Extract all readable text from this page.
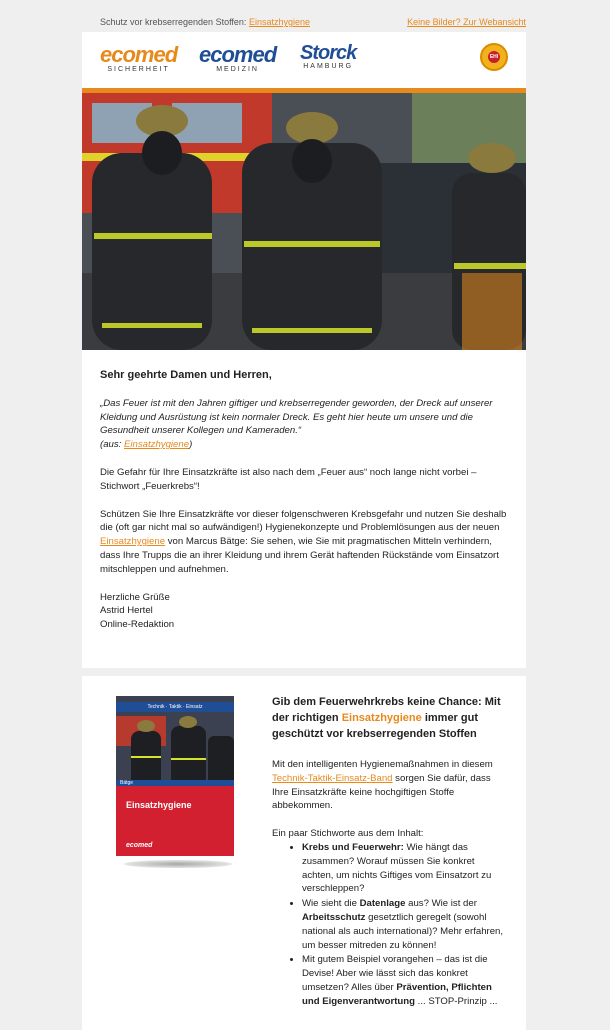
Schutz vor krebserregenden Stoffen: Einsatzhygiene	Keine Bilder? Zur Webansicht
ecomed
SICHERHEIT
ecomed
MEDIZIN
Storck
HAMBURG
EHI
Sehr geehrte Damen und Herren,
„Das Feuer ist mit den Jahren giftiger und krebserregender geworden, der Dreck auf unserer Kleidung und Ausrüstung ist kein normaler Dreck. Es geht hier heute um unsere und die Gesundheit unserer Kollegen und Kameraden.“
(aus: Einsatzhygiene)
Die Gefahr für Ihre Einsatzkräfte ist also nach dem „Feuer aus“ noch lange nicht vorbei – Stichwort „Feuerkrebs“!
Schützen Sie Ihre Einsatzkräfte vor dieser folgenschweren Krebsgefahr und nutzen Sie deshalb die (oft gar nicht mal so aufwändigen!) Hygienekonzepte und Problemlösungen aus der neuen Einsatzhygiene von Marcus Bätge: Sie sehen, wie Sie mit pragmatischen Mitteln verhindern, dass Ihre Trupps die an ihrer Kleidung und ihrem Gerät haftenden Rückstände vom Einsatzort mitschleppen und aufnehmen.
Herzliche Grüße
Astrid Hertel
Online-Redaktion
Technik · Taktik · Einsatz
Bätge
Einsatzhygiene
ecomed
Gib dem Feuerwehrkrebs keine Chance: Mit der richtigen Einsatzhygiene immer gut geschützt vor krebserregenden Stoffen
Mit den intelligenten Hygienemaßnahmen in diesem Technik-Taktik-Einsatz-Band sorgen Sie dafür, dass Ihre Einsatzkräfte keine hochgiftigen Stoffe abbekommen.
Ein paar Stichworte aus dem Inhalt:
• Krebs und Feuerwehr: Wie hängt das zusammen? Worauf müssen Sie konkret achten, um nichts Giftiges vom Einsatzort zu verschleppen?
• Wie sieht die Datenlage aus? Wie ist der Arbeitsschutz gesetztlich geregelt (sowohl national als auch international)? Mehr erfahren, um besser mitreden zu können!
• Mit gutem Beispiel vorangehen – das ist die Devise! Aber wie lässt sich das konkret umsetzen? Alles über Prävention, Pflichten und Eigenverantwortung ... STOP-Prinzip ...
